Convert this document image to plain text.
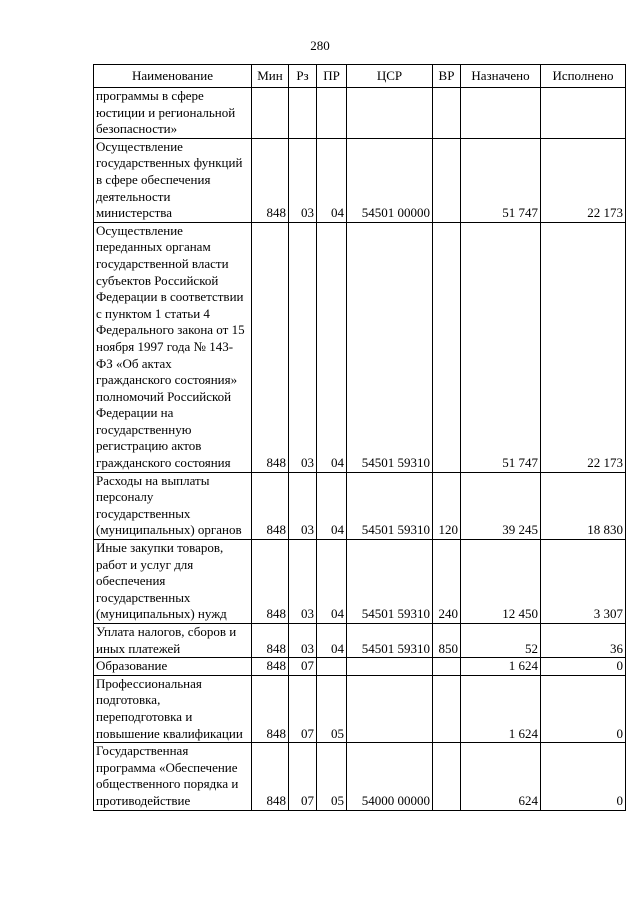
280
Наименование	Мин	Рз	ПР	ЦСР	ВР	Назначено	Исполнено
программы в сфере юстиции и региональной безопасности»							
Осуществление государственных функций в сфере обеспечения деятельности министерства	848	03	04	54501 00000		51 747	22 173
Осуществление переданных органам государственной власти субъектов Российской Федерации в соответствии с пунктом 1 статьи 4 Федерального закона от 15 ноября 1997 года № 143-ФЗ «Об актах гражданского состояния» полномочий Российской Федерации на государственную регистрацию актов гражданского состояния	848	03	04	54501 59310		51 747	22 173
Расходы на выплаты персоналу государственных (муниципальных) органов	848	03	04	54501 59310	120	39 245	18 830
Иные закупки товаров, работ и услуг для обеспечения государственных (муниципальных) нужд	848	03	04	54501 59310	240	12 450	3 307
Уплата налогов, сборов и иных платежей	848	03	04	54501 59310	850	52	36
Образование	848	07				1 624	0
Профессиональная подготовка, переподготовка и повышение квалификации	848	07	05			1 624	0
Государственная программа «Обеспечение общественного порядка и противодействие	848	07	05	54000 00000		624	0
